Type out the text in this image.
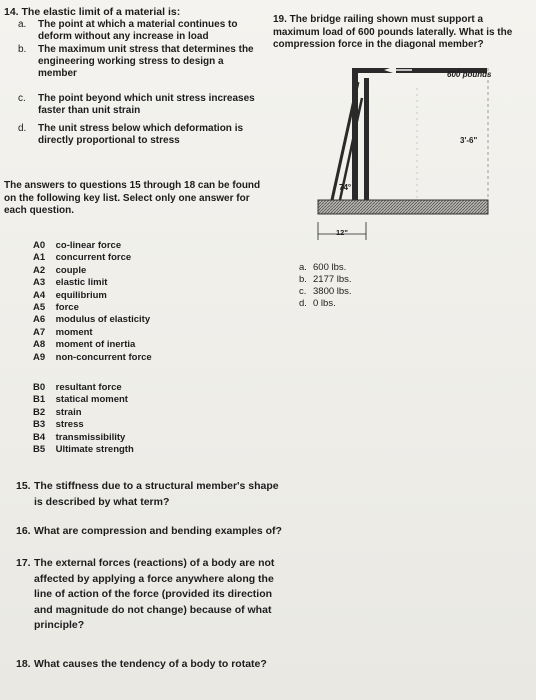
14. The elastic limit of a material is:
a. The point at which a material continues to deform without any increase in load
b. The maximum unit stress that determines the engineering working stress to design a member
c. The point beyond which unit stress increases faster than unit strain
d. The unit stress below which deformation is directly proportional to stress
The answers to questions 15 through 18 can be found on the following key list. Select only one answer for each question.
A0 co-linear force
A1 concurrent force
A2 couple
A3 elastic limit
A4 equilibrium
A5 force
A6 modulus of elasticity
A7 moment
A8 moment of inertia
A9 non-concurrent force
B0 resultant force
B1 statical moment
B2 strain
B3 stress
B4 transmissibility
B5 Ultimate strength
15. The stiffness due to a structural member's shape is described by what term?
16. What are compression and bending examples of?
17. The external forces (reactions) of a body are not affected by applying a force anywhere along the line of action of the force (provided its direction and magnitude do not change) because of what principle?
18. What causes the tendency of a body to rotate?
19. The bridge railing shown must support a maximum load of 600 pounds laterally. What is the compression force in the diagonal member?
600 pounds
3'-6"
74°
12"
a. 600 lbs.
b. 2177 lbs.
c. 3800 lbs.
d. 0 lbs.
